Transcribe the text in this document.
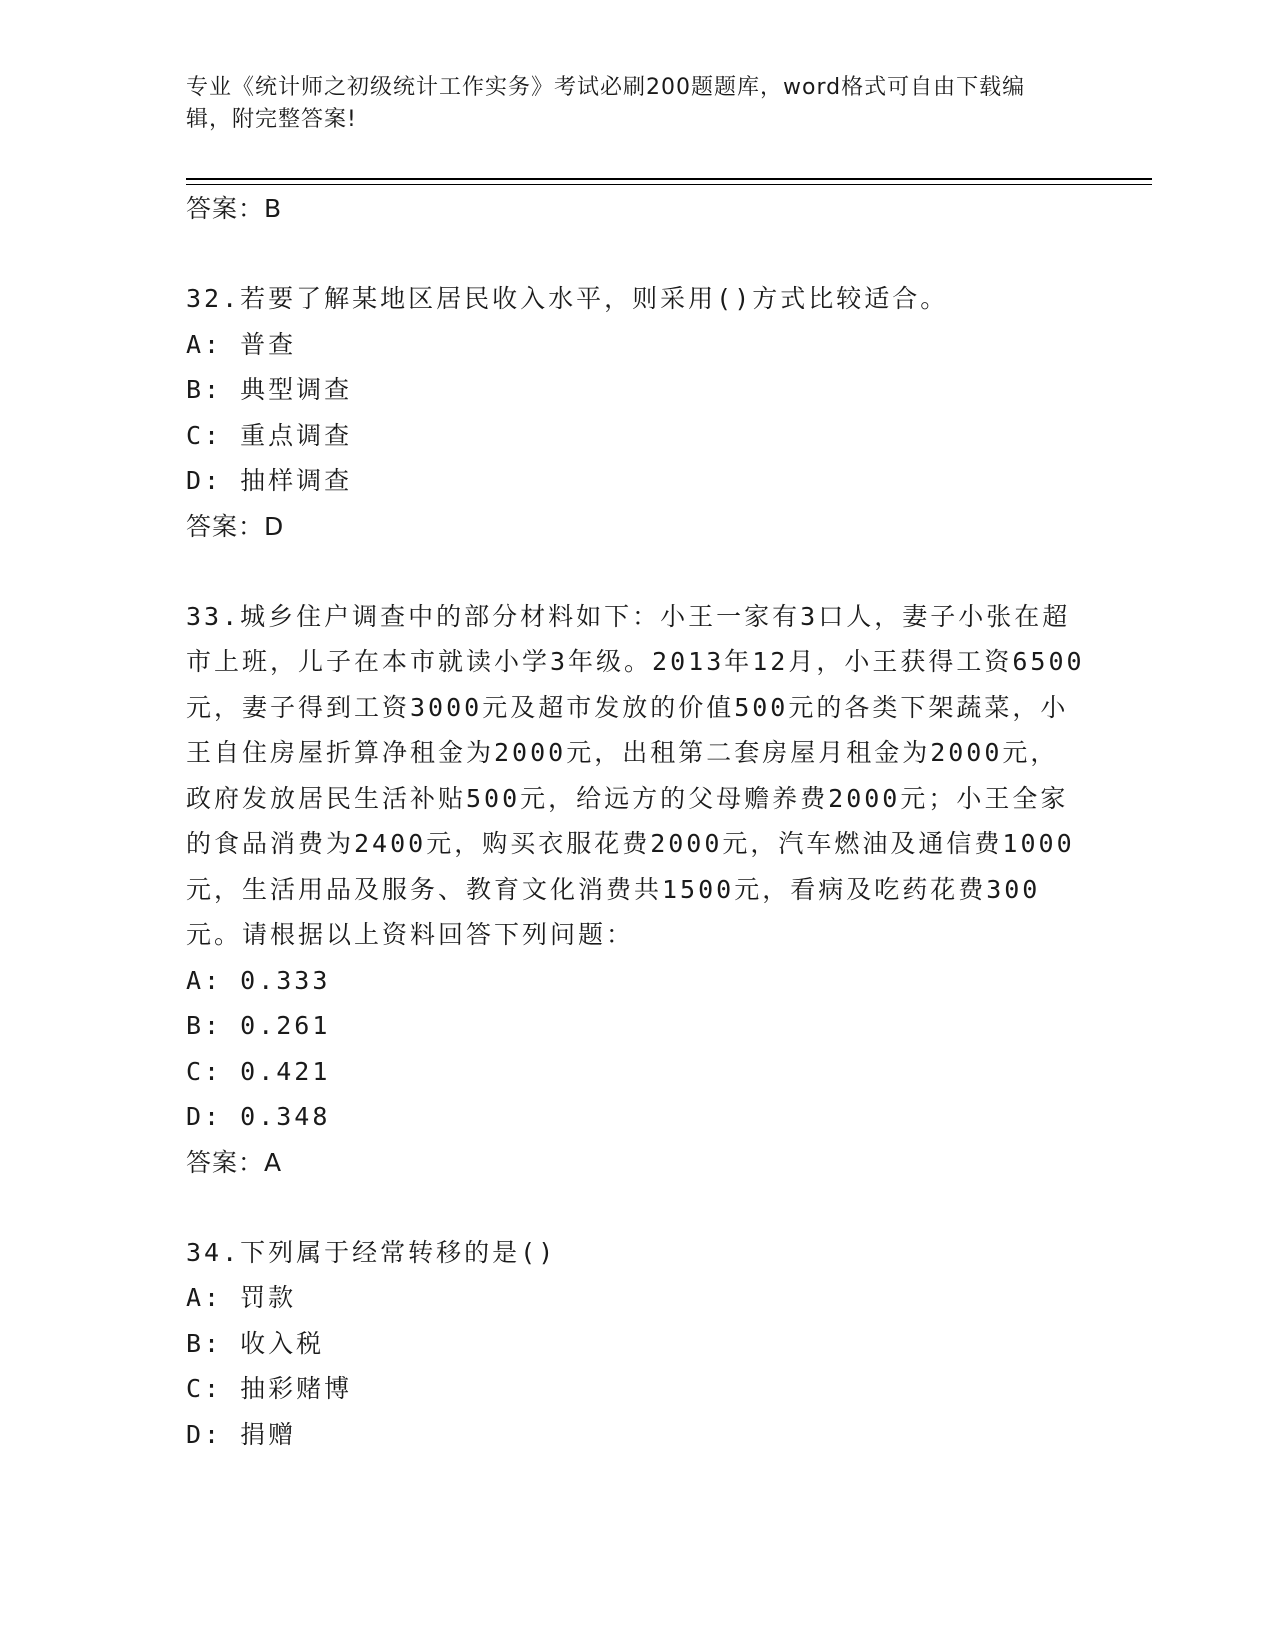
专业《统计师之初级统计工作实务》考试必刷200题题库，word格式可自由下载编辑，附完整答案!
答案：B
32.若要了解某地区居民收入水平，则采用()方式比较适合。
A: 普查
B: 典型调查
C: 重点调查
D: 抽样调查
答案：D
33.城乡住户调查中的部分材料如下：小王一家有3口人，妻子小张在超市上班，儿子在本市就读小学3年级。2013年12月，小王获得工资6500元，妻子得到工资3000元及超市发放的价值500元的各类下架蔬菜，小王自住房屋折算净租金为2000元，出租第二套房屋月租金为2000元，政府发放居民生活补贴500元，给远方的父母赡养费2000元；小王全家的食品消费为2400元，购买衣服花费2000元，汽车燃油及通信费1000元，生活用品及服务、教育文化消费共1500元，看病及吃药花费300元。请根据以上资料回答下列问题：
A: 0.333
B: 0.261
C: 0.421
D: 0.348
答案：A
34.下列属于经常转移的是()
A: 罚款
B: 收入税
C: 抽彩赌博
D: 捐赠
